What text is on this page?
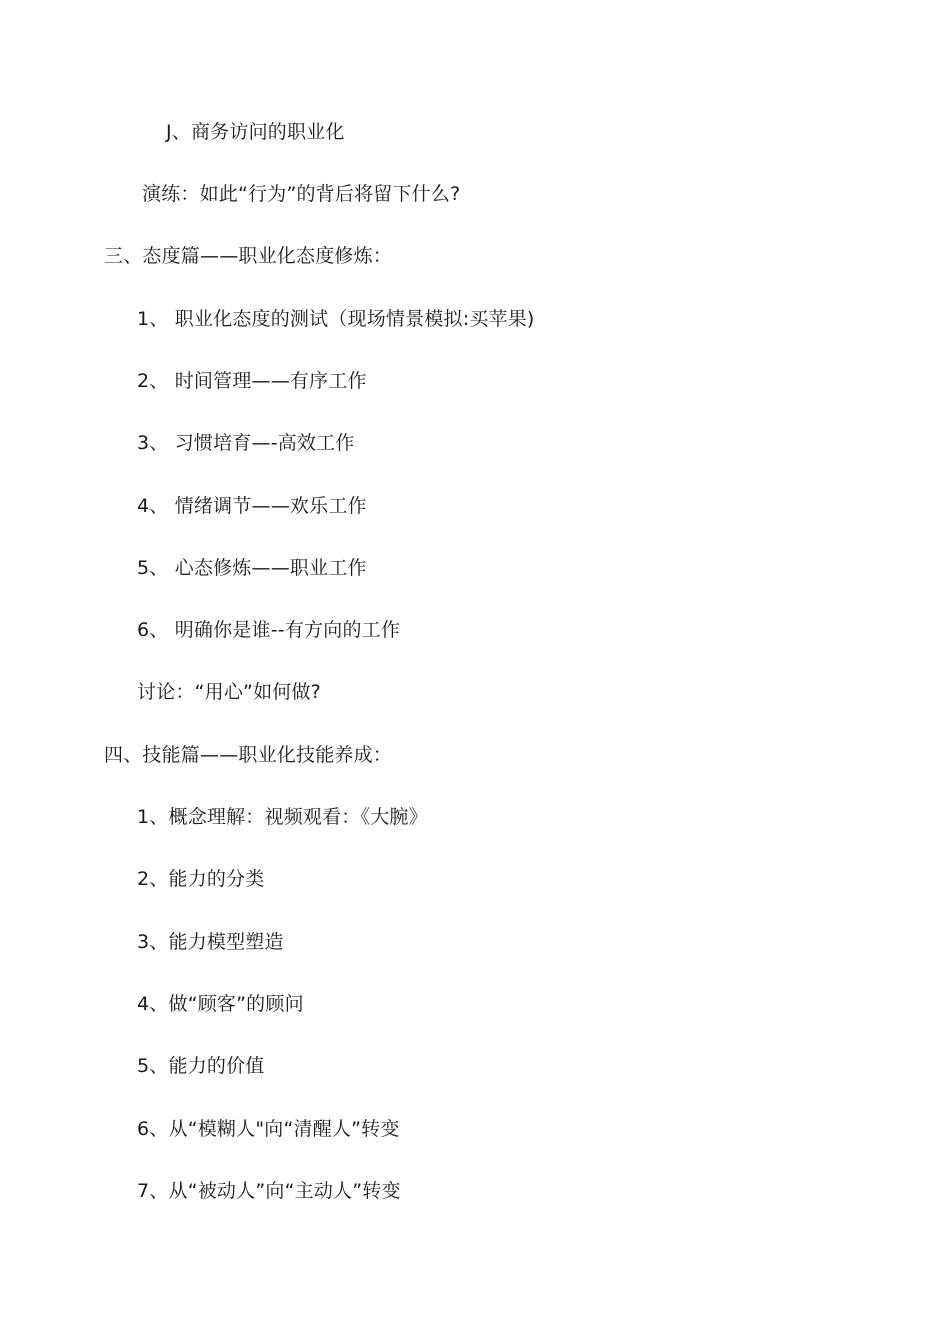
J、商务访问的职业化
演练：如此“行为”的背后将留下什么?
三、态度篇——职业化态度修炼：
1、 职业化态度的测试（现场情景模拟:买苹果)
2、 时间管理——有序工作
3、 习惯培育—-高效工作
4、 情绪调节——欢乐工作
5、 心态修炼——职业工作
6、 明确你是谁--有方向的工作
讨论：“用心”如何做?
四、技能篇——职业化技能养成：
1、概念理解：视频观看：《大腕》
2、能力的分类
3、能力模型塑造
4、做“顾客”的顾问
5、能力的价值
6、从“模糊人"向“清醒人”转变
7、从“被动人”向“主动人”转变
